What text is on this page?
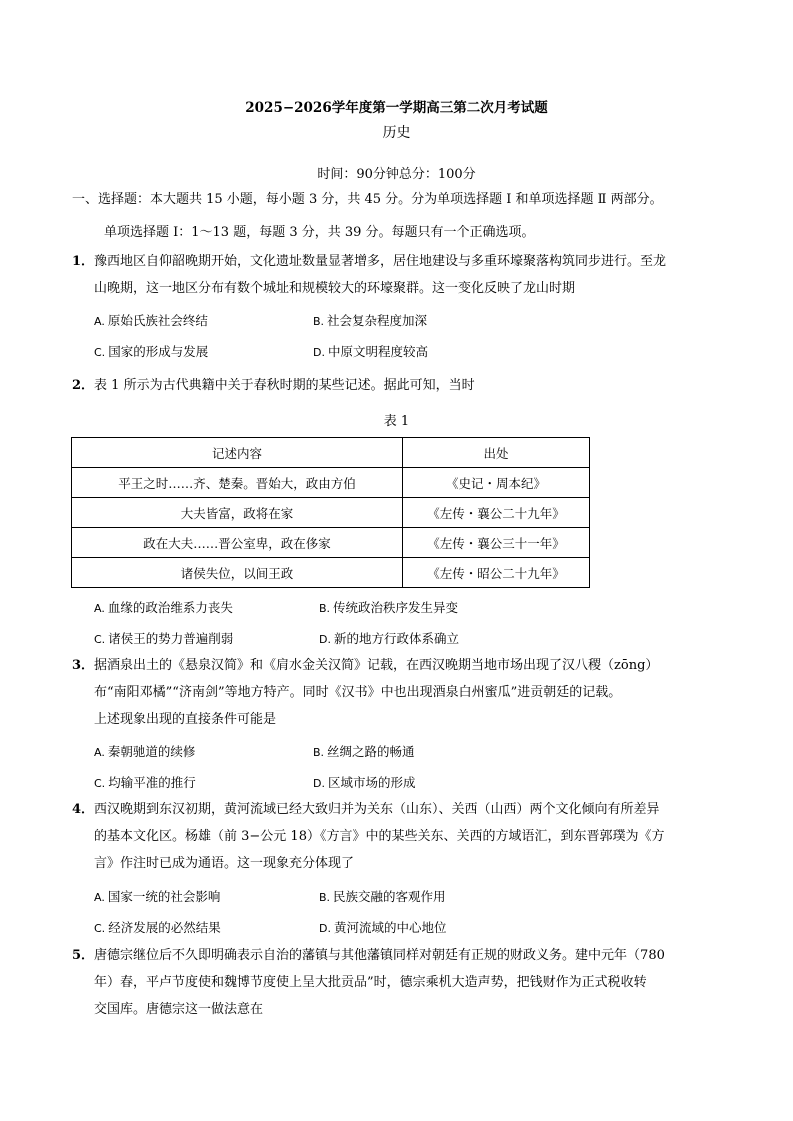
2025−2026学年度第一学期高三第二次月考试题
历史
时间：90分钟总分：100分
一、选择题：本大题共 15 小题，每小题 3 分，共 45 分。分为单项选择题 I 和单项选择题 Ⅱ 两部分。
单项选择题 I：1～13 题，每题 3 分，共 39 分。每题只有一个正确选项。
1．豫西地区自仰韶晚期开始，文化遗址数量显著增多，居住地建设与多重环壕聚落构筑同步进行。至龙
山晚期，这一地区分布有数个城址和规模较大的环壕聚群。这一变化反映了龙山时期
A. 原始氏族社会终结	B. 社会复杂程度加深
C. 国家的形成与发展	D. 中原文明程度较高
2．表 1 所示为古代典籍中关于春秋时期的某些记述。据此可知，当时
表 1
记述内容	出处
平王之时……齐、楚秦。晋始大，政由方伯	《史记・周本纪》
大夫皆富，政将在家	《左传・襄公二十九年》
政在大夫……晋公室卑，政在侈家	《左传・襄公三十一年》
诸侯失位，以间王政	《左传・昭公二十九年》
A. 血缘的政治维系力丧失	B. 传统政治秩序发生异变
C. 诸侯王的势力普遍削弱	D. 新的地方行政体系确立
3．据酒泉出土的《悬泉汉简》和《肩水金关汉简》记载，在西汉晚期当地市场出现了汉八稷（zōng）
布“南阳邓橘”“济南剑”等地方特产。同时《汉书》中也出现酒泉白州蜜瓜”进贡朝廷的记载。
上述现象出现的直接条件可能是
A. 秦朝驰道的续修	B. 丝绸之路的畅通
C. 均输平准的推行	D. 区域市场的形成
4．西汉晚期到东汉初期，黄河流域已经大致归并为关东（山东）、关西（山西）两个文化倾向有所差异
的基本文化区。杨雄（前 3−公元 18）《方言》中的某些关东、关西的方域语汇，到东晋郭璞为《方
言》作注时已成为通语。这一现象充分体现了
A. 国家一统的社会影响	B. 民族交融的客观作用
C. 经济发展的必然结果	D. 黄河流域的中心地位
5．唐德宗继位后不久即明确表示自治的藩镇与其他藩镇同样对朝廷有正规的财政义务。建中元年（780
年）春，平卢节度使和魏博节度使上呈大批贡品”时，德宗乘机大造声势，把钱财作为正式税收转
交国库。唐德宗这一做法意在
